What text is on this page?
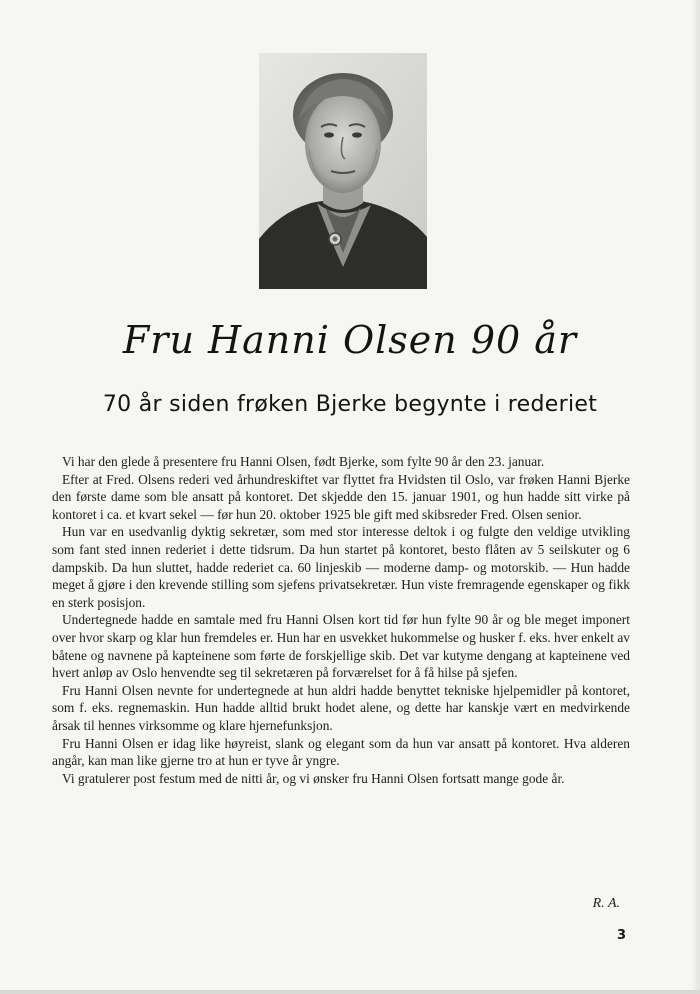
Fru Hanni Olsen 90 år
70 år siden frøken Bjerke begynte i rederiet

Vi har den glede å presentere fru Hanni Olsen, født Bjerke, som fylte 90 år den 23. januar.

Efter at Fred. Olsens rederi ved århundreskiftet var flyttet fra Hvidsten til Oslo, var frøken Hanni Bjerke den første dame som ble ansatt på kontoret. Det skjedde den 15. januar 1901, og hun hadde sitt virke på kontoret i ca. et kvart sekel — før hun 20. oktober 1925 ble gift med skibsreder Fred. Olsen senior.

Hun var en usedvanlig dyktig sekretær, som med stor interesse deltok i og fulgte den veldige utvikling som fant sted innen rederiet i dette tidsrum. Da hun startet på kontoret, besto flåten av 5 seilskuter og 6 dampskib. Da hun sluttet, hadde rederiet ca. 60 linjeskib — moderne damp- og motorskib. — Hun hadde meget å gjøre i den krevende stilling som sjefens privatsekretær. Hun viste fremragende egenskaper og fikk en sterk posisjon.

Undertegnede hadde en samtale med fru Hanni Olsen kort tid før hun fylte 90 år og ble meget imponert over hvor skarp og klar hun fremdeles er. Hun har en usvekket hukommelse og husker f. eks. hver enkelt av båtene og navnene på kapteinene som førte de forskjellige skib. Det var kutyme dengang at kapteinene ved hvert anløp av Oslo henvendte seg til sekretæren på forværelset for å få hilse på sjefen.

Fru Hanni Olsen nevnte for undertegnede at hun aldri hadde benyttet tekniske hjelpemidler på kontoret, som f. eks. regnemaskin. Hun hadde alltid brukt hodet alene, og dette har kanskje vært en medvirkende årsak til hennes virksomme og klare hjernefunksjon.

Fru Hanni Olsen er idag like høyreist, slank og elegant som da hun var ansatt på kontoret. Hva alderen angår, kan man like gjerne tro at hun er tyve år yngre.

Vi gratulerer post festum med de nitti år, og vi ønsker fru Hanni Olsen fortsatt mange gode år.

R. A.
3
